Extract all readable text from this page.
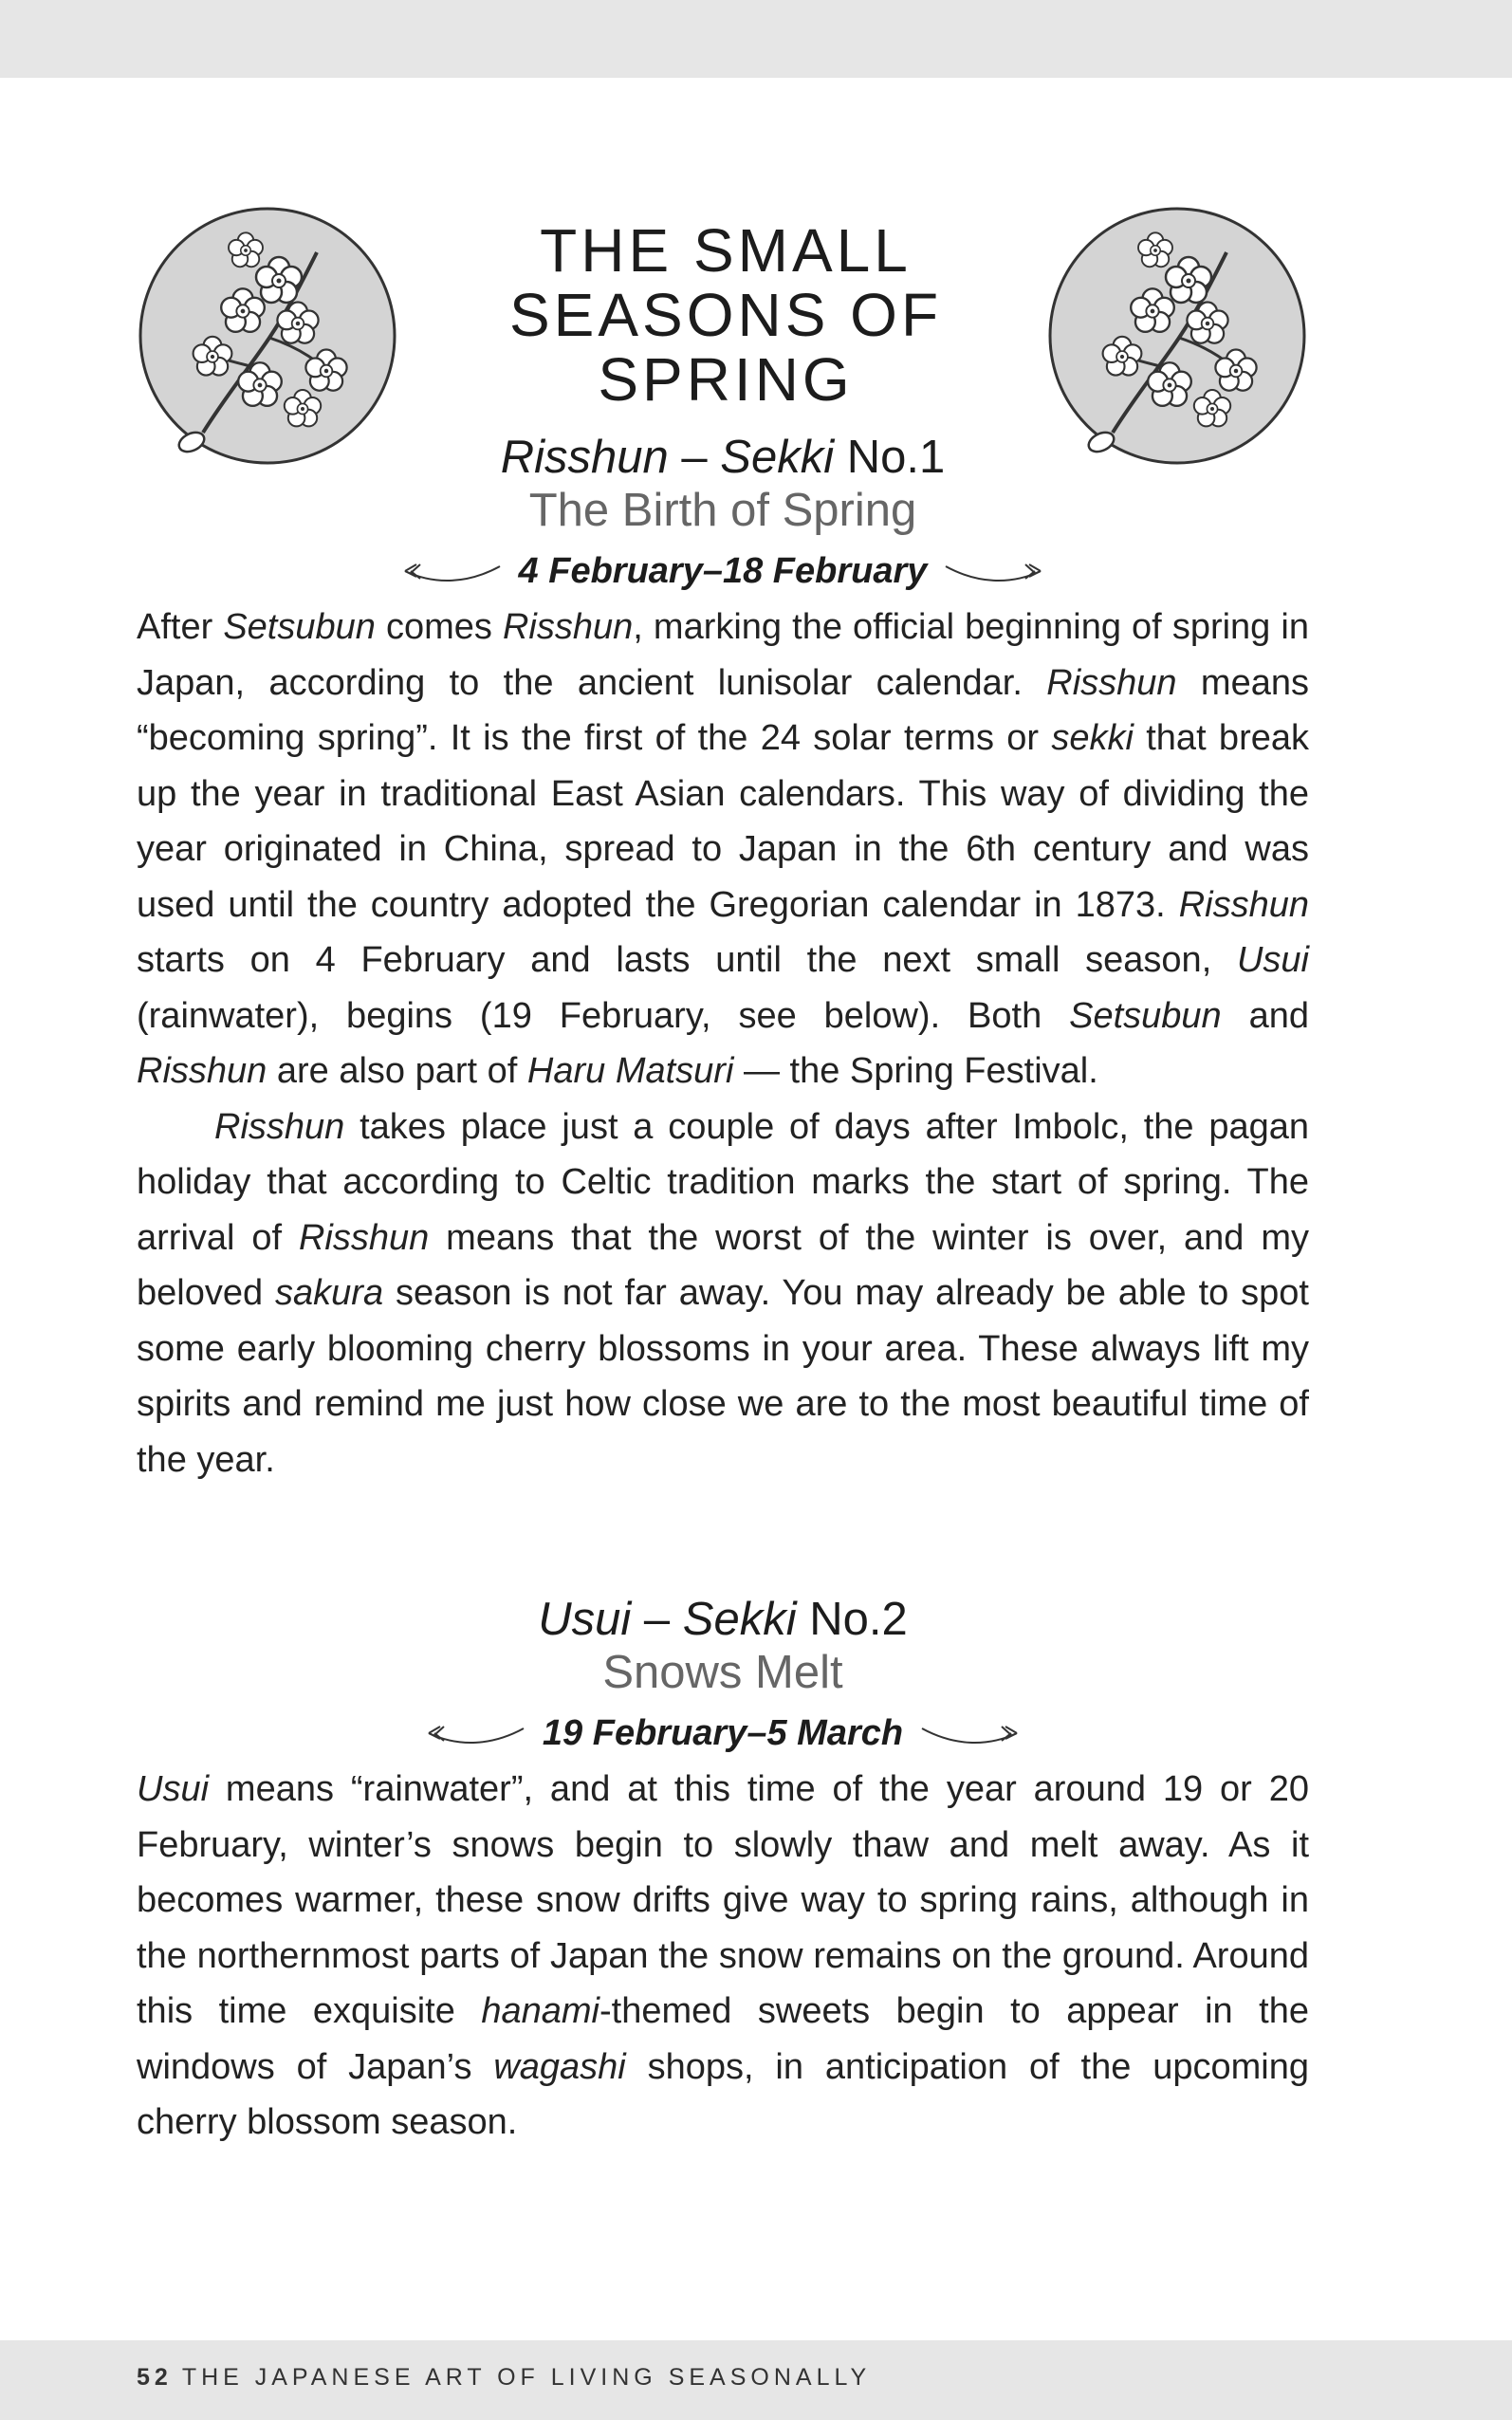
THE SMALL
SEASONS OF
SPRING
Risshun – Sekki No.1
The Birth of Spring
4 February–18 February

After Setsubun comes Risshun, marking the official beginning of spring in Japan, according to the ancient lunisolar calendar. Risshun means “becoming spring”. It is the first of the 24 solar terms or sekki that break up the year in traditional East Asian calendars. This way of dividing the year originated in China, spread to Japan in the 6th century and was used until the country adopted the Gregorian calendar in 1873. Risshun starts on 4 February and lasts until the next small season, Usui (rainwater), begins (19 February, see below). Both Setsubun and Risshun are also part of Haru Matsuri — the Spring Festival.

Risshun takes place just a couple of days after Imbolc, the pagan holiday that according to Celtic tradition marks the start of spring. The arrival of Risshun means that the worst of the winter is over, and my beloved sakura season is not far away. You may already be able to spot some early blooming cherry blossoms in your area. These always lift my spirits and remind me just how close we are to the most beautiful time of the year.

Usui – Sekki No.2
Snows Melt
19 February–5 March

Usui means “rainwater”, and at this time of the year around 19 or 20 February, winter’s snows begin to slowly thaw and melt away. As it becomes warmer, these snow drifts give way to spring rains, although in the northernmost parts of Japan the snow remains on the ground. Around this time exquisite hanami-themed sweets begin to appear in the windows of Japan’s wagashi shops, in anticipation of the upcoming cherry blossom season.

52 THE JAPANESE ART OF LIVING SEASONALLY
